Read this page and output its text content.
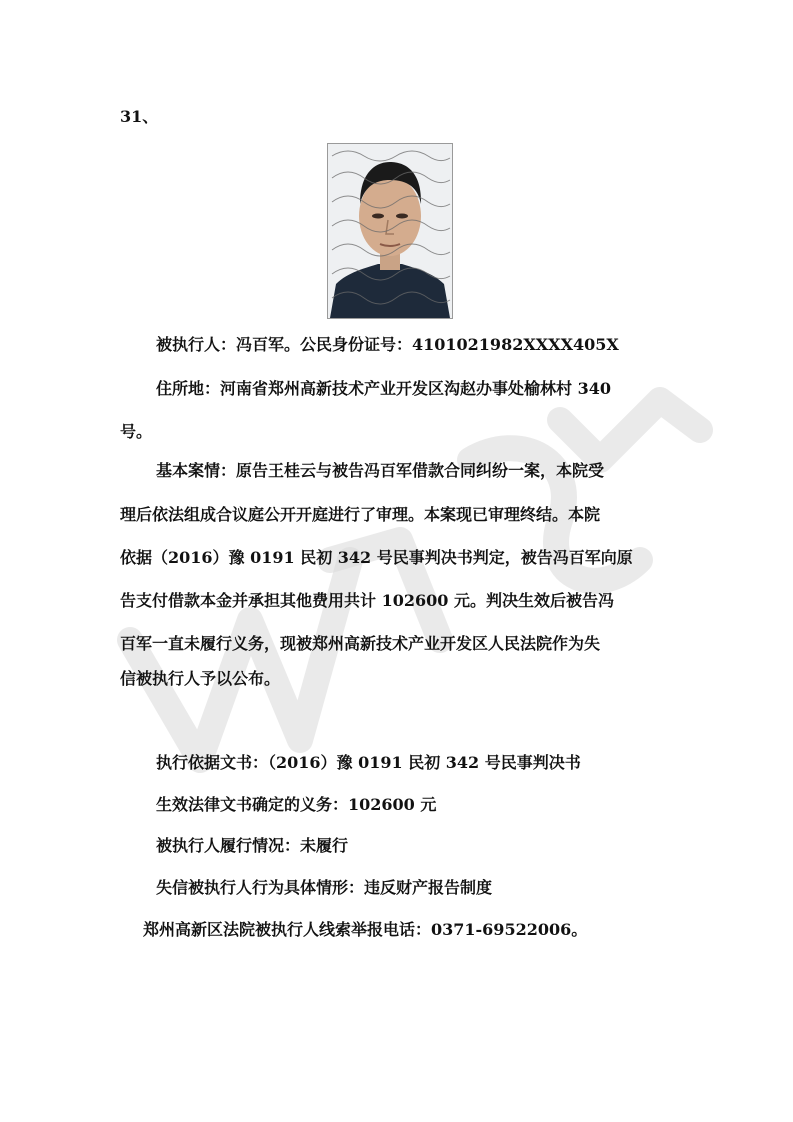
31、
被执行人：冯百军。公民身份证号：4101021982XXXX405X
住所地：河南省郑州高新技术产业开发区沟赵办事处榆林村 340
号。
基本案情：原告王桂云与被告冯百军借款合同纠纷一案，本院受
理后依法组成合议庭公开开庭进行了审理。本案现已审理终结。本院
依据（2016）豫 0191 民初 342 号民事判决书判定，被告冯百军向原
告支付借款本金并承担其他费用共计 102600 元。判决生效后被告冯
百军一直未履行义务，现被郑州高新技术产业开发区人民法院作为失
信被执行人予以公布。
执行依据文书：（2016）豫 0191 民初 342 号民事判决书
生效法律文书确定的义务：102600 元
被执行人履行情况：未履行
失信被执行人行为具体情形：违反财产报告制度
郑州高新区法院被执行人线索举报电话：0371-69522006。
